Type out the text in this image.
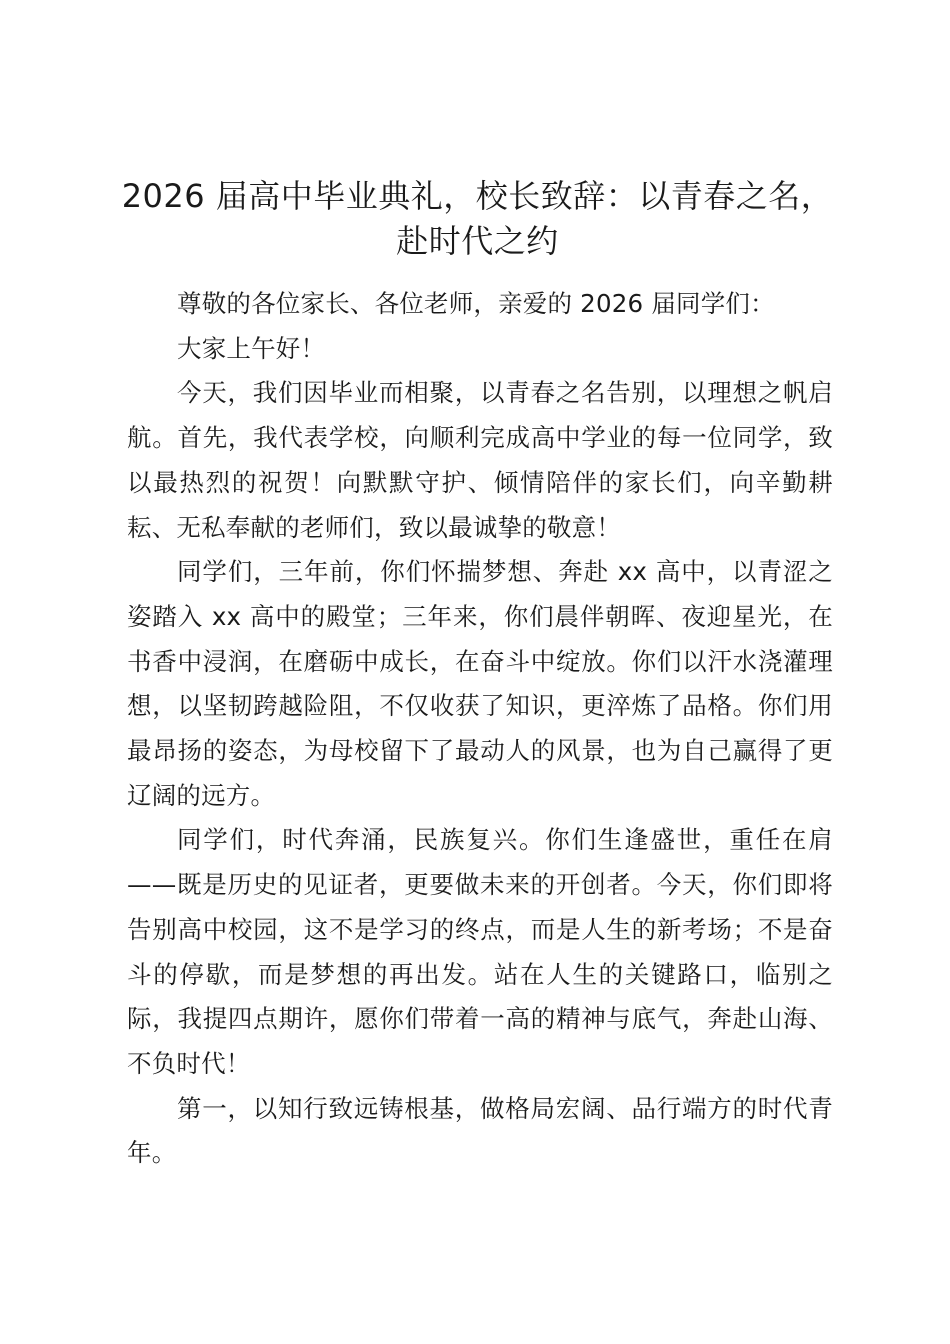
2026 届高中毕业典礼，校长致辞：以青春之名，赴时代之约

尊敬的各位家长、各位老师，亲爱的 2026 届同学们：

大家上午好！

今天，我们因毕业而相聚，以青春之名告别，以理想之帆启航。首先，我代表学校，向顺利完成高中学业的每一位同学，致以最热烈的祝贺！向默默守护、倾情陪伴的家长们，向辛勤耕耘、无私奉献的老师们，致以最诚挚的敬意！

同学们，三年前，你们怀揣梦想、奔赴 xx 高中，以青涩之姿踏入 xx 高中的殿堂；三年来，你们晨伴朝晖、夜迎星光，在书香中浸润，在磨砺中成长，在奋斗中绽放。你们以汗水浇灌理想，以坚韧跨越险阻，不仅收获了知识，更淬炼了品格。你们用最昂扬的姿态，为母校留下了最动人的风景，也为自己赢得了更辽阔的远方。

同学们，时代奔涌，民族复兴。你们生逢盛世，重任在肩——既是历史的见证者，更要做未来的开创者。今天，你们即将告别高中校园，这不是学习的终点，而是人生的新考场；不是奋斗的停歇，而是梦想的再出发。站在人生的关键路口，临别之际，我提四点期许，愿你们带着一高的精神与底气，奔赴山海、不负时代！

第一，以知行致远铸根基，做格局宏阔、品行端方的时代青年。
